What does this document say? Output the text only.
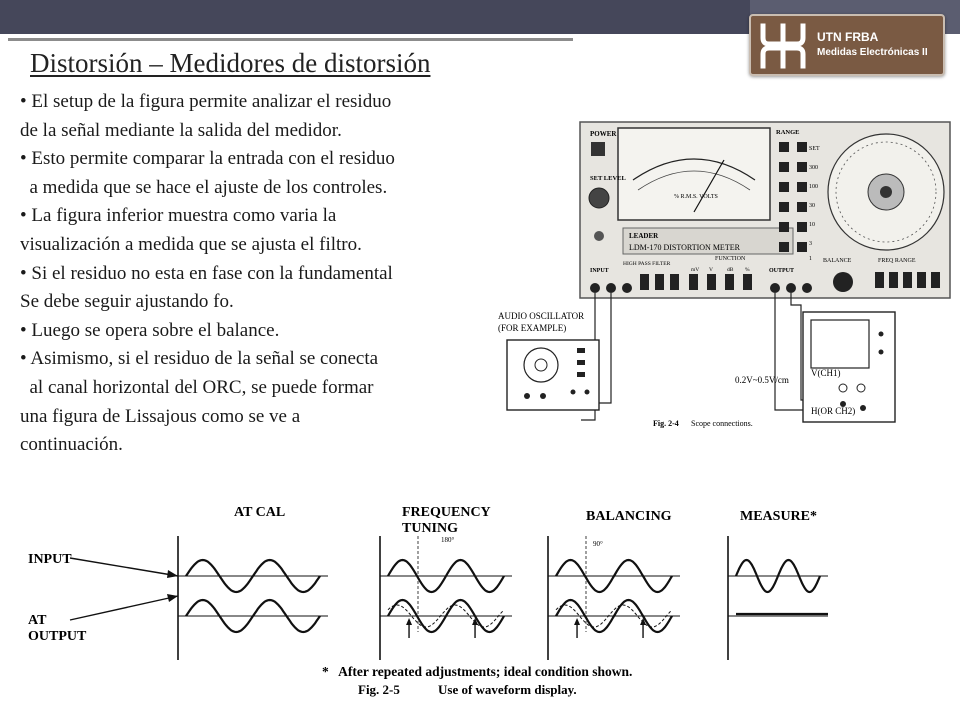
UTN FRBA
Medidas Electrónicas II
Distorsión – Medidores de distorsión
• El setup de la figura permite analizar el residuo
de la señal mediante la salida del medidor.
• Esto permite comparar la entrada con el residuo
a medida que se hace el ajuste de los controles.
• La figura inferior muestra como varia la
visualización a medida que se ajusta el filtro.
• Si el residuo no esta en fase con la fundamental
Se debe seguir ajustando fo.
• Luego se opera sobre el balance.
• Asimismo, si el residuo de la señal se conecta
al canal horizontal del ORC, se puede formar
una figura de Lissajous como se ve a
continuación.
POWER
% R.M.S. VOLTS
SET LEVEL
LEADER
LDM-170 DISTORTION METER
RANGE
SET
300
100
30
10
3
1
INPUT
HIGH PASS FILTER
FUNCTION
mV V	dB %	OUTPUT
BALANCE	FREQ RANGE
AUDIO OSCILLATOR
(FOR EXAMPLE)
V(CH1)
H(OR CH2)
0.2V~0.5V/cm
Fig. 2-4 Scope connections.
AT CAL	FREQUENCY
TUNING
BALANCING	MEASURE*
INPUT
AT
OUTPUT
180°	90°
*   After repeated adjustments; ideal condition shown.
Fig. 2-5	Use of waveform display.
